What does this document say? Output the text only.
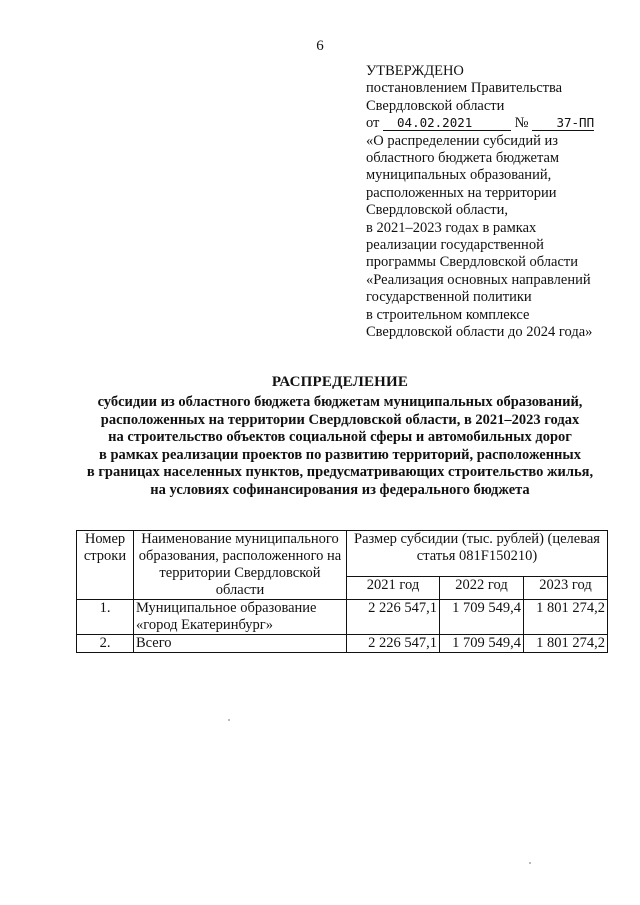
6
УТВЕРЖДЕНО
постановлением Правительства
Свердловской области
от 04.02.2021	№ 37-ПП
«О распределении субсидий из
областного бюджета бюджетам
муниципальных образований,
расположенных на территории
Свердловской области,
в 2021–2023 годах в рамках
реализации государственной
программы Свердловской области
«Реализация основных направлений
государственной политики
в строительном комплексе
Свердловской области до 2024 года»
РАСПРЕДЕЛЕНИЕ
субсидии из областного бюджета бюджетам муниципальных образований,
расположенных на территории Свердловской области, в 2021–2023 годах
на строительство объектов социальной сферы и автомобильных дорог
в рамках реализации проектов по развитию территорий, расположенных
в границах населенных пунктов, предусматривающих строительство жилья,
на условиях софинансирования из федерального бюджета
Номер строки	Наименование муниципального образования, расположенного на территории Свердловской области	Размер субсидии (тыс. рублей) (целевая статья 081F150210)		
		2021 год	2022 год	2023 год
1.	Муниципальное образование «город Екатеринбург»	2 226 547,1	1 709 549,4	1 801 274,2
2.	Всего	2 226 547,1	1 709 549,4	1 801 274,2
